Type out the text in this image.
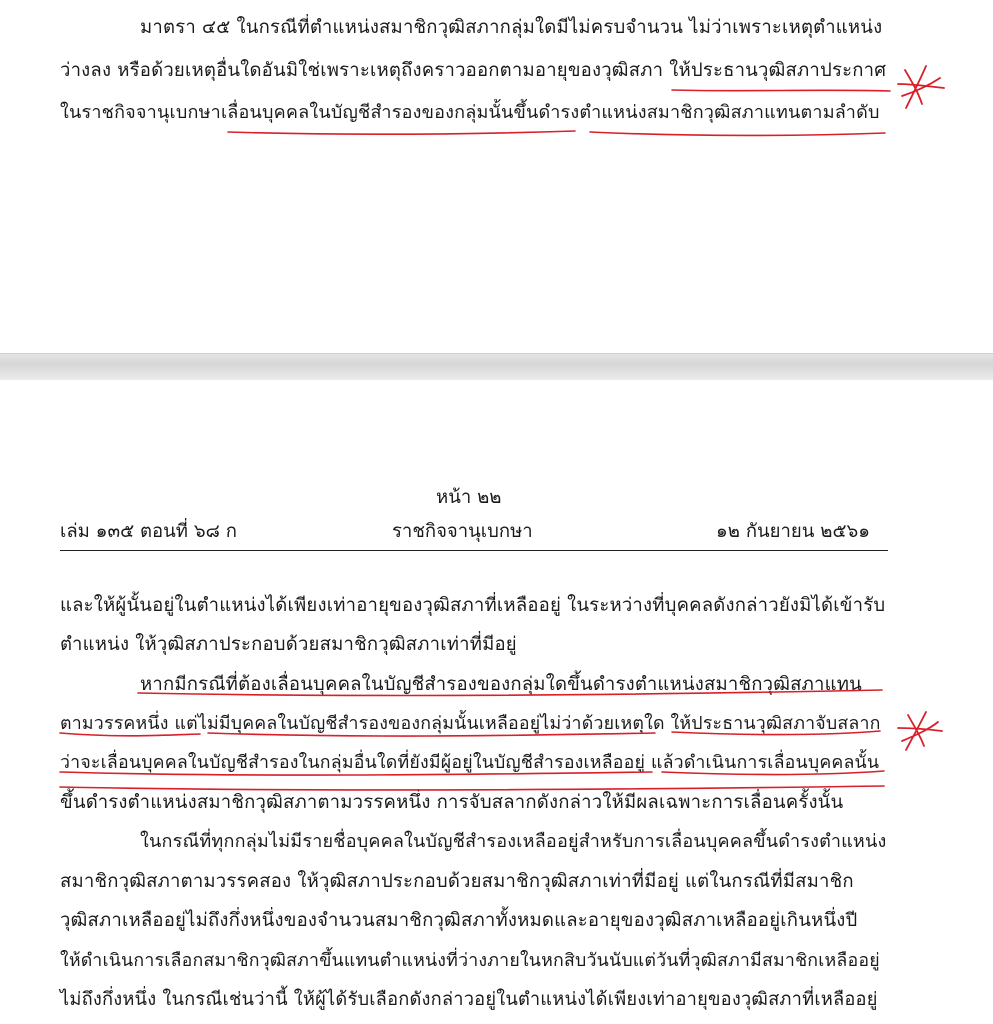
มาตรา ๔๕ ในกรณีที่ตำแหน่งสมาชิกวุฒิสภากลุ่มใดมีไม่ครบจำนวน ไม่ว่าเพราะเหตุตำแหน่ง
ว่างลง หรือด้วยเหตุอื่นใดอันมิใช่เพราะเหตุถึงคราวออกตามอายุของวุฒิสภา ให้ประธานวุฒิสภาประกาศ
ในราชกิจจานุเบกษาเลื่อนบุคคลในบัญชีสำรองของกลุ่มนั้นขึ้นดำรงตำแหน่งสมาชิกวุฒิสภาแทนตามลำดับ
หน้า ๒๒
เล่ม ๑๓๕ ตอนที่ ๖๘ ก	ราชกิจจานุเบกษา	๑๒ กันยายน ๒๕๖๑
และให้ผู้นั้นอยู่ในตำแหน่งได้เพียงเท่าอายุของวุฒิสภาที่เหลืออยู่ ในระหว่างที่บุคคลดังกล่าวยังมิได้เข้ารับ
ตำแหน่ง ให้วุฒิสภาประกอบด้วยสมาชิกวุฒิสภาเท่าที่มีอยู่
หากมีกรณีที่ต้องเลื่อนบุคคลในบัญชีสำรองของกลุ่มใดขึ้นดำรงตำแหน่งสมาชิกวุฒิสภาแทน
ตามวรรคหนึ่ง แต่ไม่มีบุคคลในบัญชีสำรองของกลุ่มนั้นเหลืออยู่ไม่ว่าด้วยเหตุใด ให้ประธานวุฒิสภาจับสลาก
ว่าจะเลื่อนบุคคลในบัญชีสำรองในกลุ่มอื่นใดที่ยังมีผู้อยู่ในบัญชีสำรองเหลืออยู่ แล้วดำเนินการเลื่อนบุคคลนั้น
ขึ้นดำรงตำแหน่งสมาชิกวุฒิสภาตามวรรคหนึ่ง การจับสลากดังกล่าวให้มีผลเฉพาะการเลื่อนครั้งนั้น
ในกรณีที่ทุกกลุ่มไม่มีรายชื่อบุคคลในบัญชีสำรองเหลืออยู่สำหรับการเลื่อนบุคคลขึ้นดำรงตำแหน่ง
สมาชิกวุฒิสภาตามวรรคสอง ให้วุฒิสภาประกอบด้วยสมาชิกวุฒิสภาเท่าที่มีอยู่ แต่ในกรณีที่มีสมาชิก
วุฒิสภาเหลืออยู่ไม่ถึงกึ่งหนึ่งของจำนวนสมาชิกวุฒิสภาทั้งหมดและอายุของวุฒิสภาเหลืออยู่เกินหนึ่งปี
ให้ดำเนินการเลือกสมาชิกวุฒิสภาขึ้นแทนตำแหน่งที่ว่างภายในหกสิบวันนับแต่วันที่วุฒิสภามีสมาชิกเหลืออยู่
ไม่ถึงกึ่งหนึ่ง ในกรณีเช่นว่านี้ ให้ผู้ได้รับเลือกดังกล่าวอยู่ในตำแหน่งได้เพียงเท่าอายุของวุฒิสภาที่เหลืออยู่
